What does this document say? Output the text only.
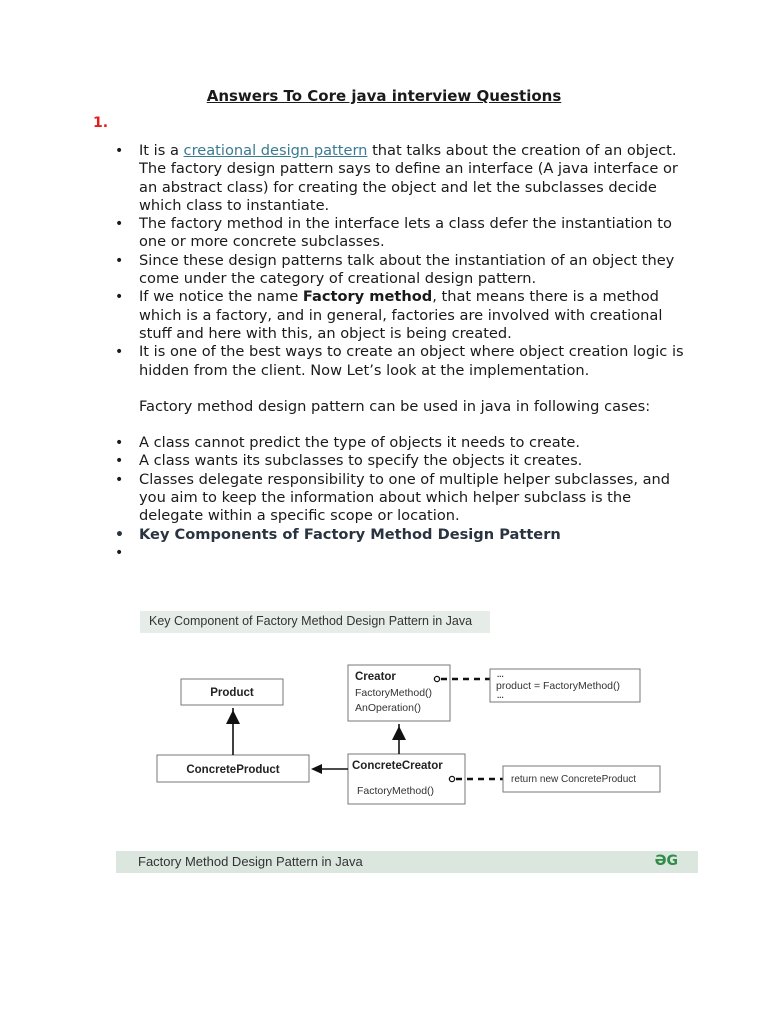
Answers To Core java interview Questions
1.
• It is a creational design pattern that talks about the creation of an object. The factory design pattern says to define an interface (A java interface or an abstract class) for creating the object and let the subclasses decide which class to instantiate.
• The factory method in the interface lets a class defer the instantiation to one or more concrete subclasses.
• Since these design patterns talk about the instantiation of an object they come under the category of creational design pattern.
• If we notice the name Factory method, that means there is a method which is a factory, and in general, factories are involved with creational stuff and here with this, an object is being created.
• It is one of the best ways to create an object where object creation logic is hidden from the client. Now Let’s look at the implementation.
Factory method design pattern can be used in java in following cases:
• A class cannot predict the type of objects it needs to create.
• A class wants its subclasses to specify the objects it creates.
• Classes delegate responsibility to one of multiple helper subclasses, and you aim to keep the information about which helper subclass is the delegate within a specific scope or location.
• Key Components of Factory Method Design Pattern
•
Key Component of Factory Method Design Pattern in Java
Product
ConcreteProduct
Creator
FactoryMethod()
AnOperation()
...
product = FactoryMethod()
...
ConcreteCreator
FactoryMethod()
return new ConcreteProduct
Factory Method Design Pattern in Java	ƏG
